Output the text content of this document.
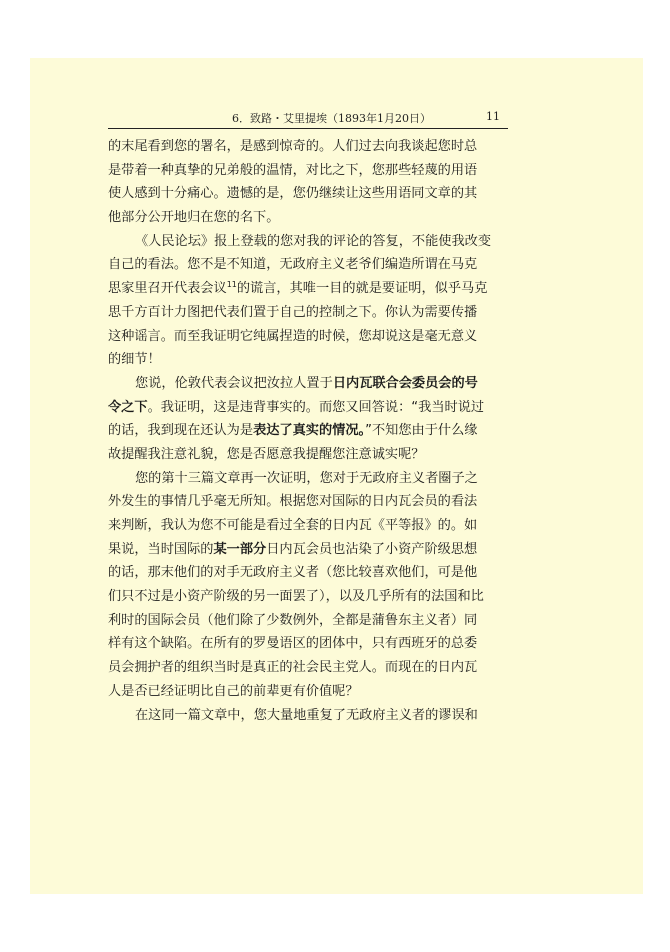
6．致路・艾里提埃（1893年1月20日）	11
的末尾看到您的署名，是感到惊奇的。人们过去向我谈起您时总
是带着一种真挚的兄弟般的温情，对比之下，您那些轻蔑的用语
使人感到十分痛心。遗憾的是，您仍继续让这些用语同文章的其
他部分公开地归在您的名下。
《人民论坛》报上登载的您对我的评论的答复，不能使我改变
自己的看法。您不是不知道，无政府主义老爷们编造所谓在马克
思家里召开代表会议$^{11}$的谎言，其唯一目的就是要证明，似乎马克
思千方百计力图把代表们置于自己的控制之下。你认为需要传播
这种谣言。而至我证明它纯属捏造的时候，您却说这是毫无意义
的细节！
您说，伦敦代表会议把汝拉人置于日内瓦联合会委员会的号
令之下。我证明，这是违背事实的。而您又回答说：“我当时说过
的话，我到现在还认为是表达了真实的情况。”不知您由于什么缘
故提醒我注意礼貌，您是否愿意我提醒您注意诚实呢？
您的第十三篇文章再一次证明，您对于无政府主义者圈子之
外发生的事情几乎毫无所知。根据您对国际的日内瓦会员的看法
来判断，我认为您不可能是看过全套的日内瓦《平等报》的。如
果说，当时国际的某一部分日内瓦会员也沾染了小资产阶级思想
的话，那末他们的对手无政府主义者（您比较喜欢他们，可是他
们只不过是小资产阶级的另一面罢了），以及几乎所有的法国和比
利时的国际会员（他们除了少数例外，全都是蒲鲁东主义者）同
样有这个缺陷。在所有的罗曼语区的团体中，只有西班牙的总委
员会拥护者的组织当时是真正的社会民主党人。而现在的日内瓦
人是否已经证明比自己的前辈更有价值呢？
在这同一篇文章中，您大量地重复了无政府主义者的谬误和
